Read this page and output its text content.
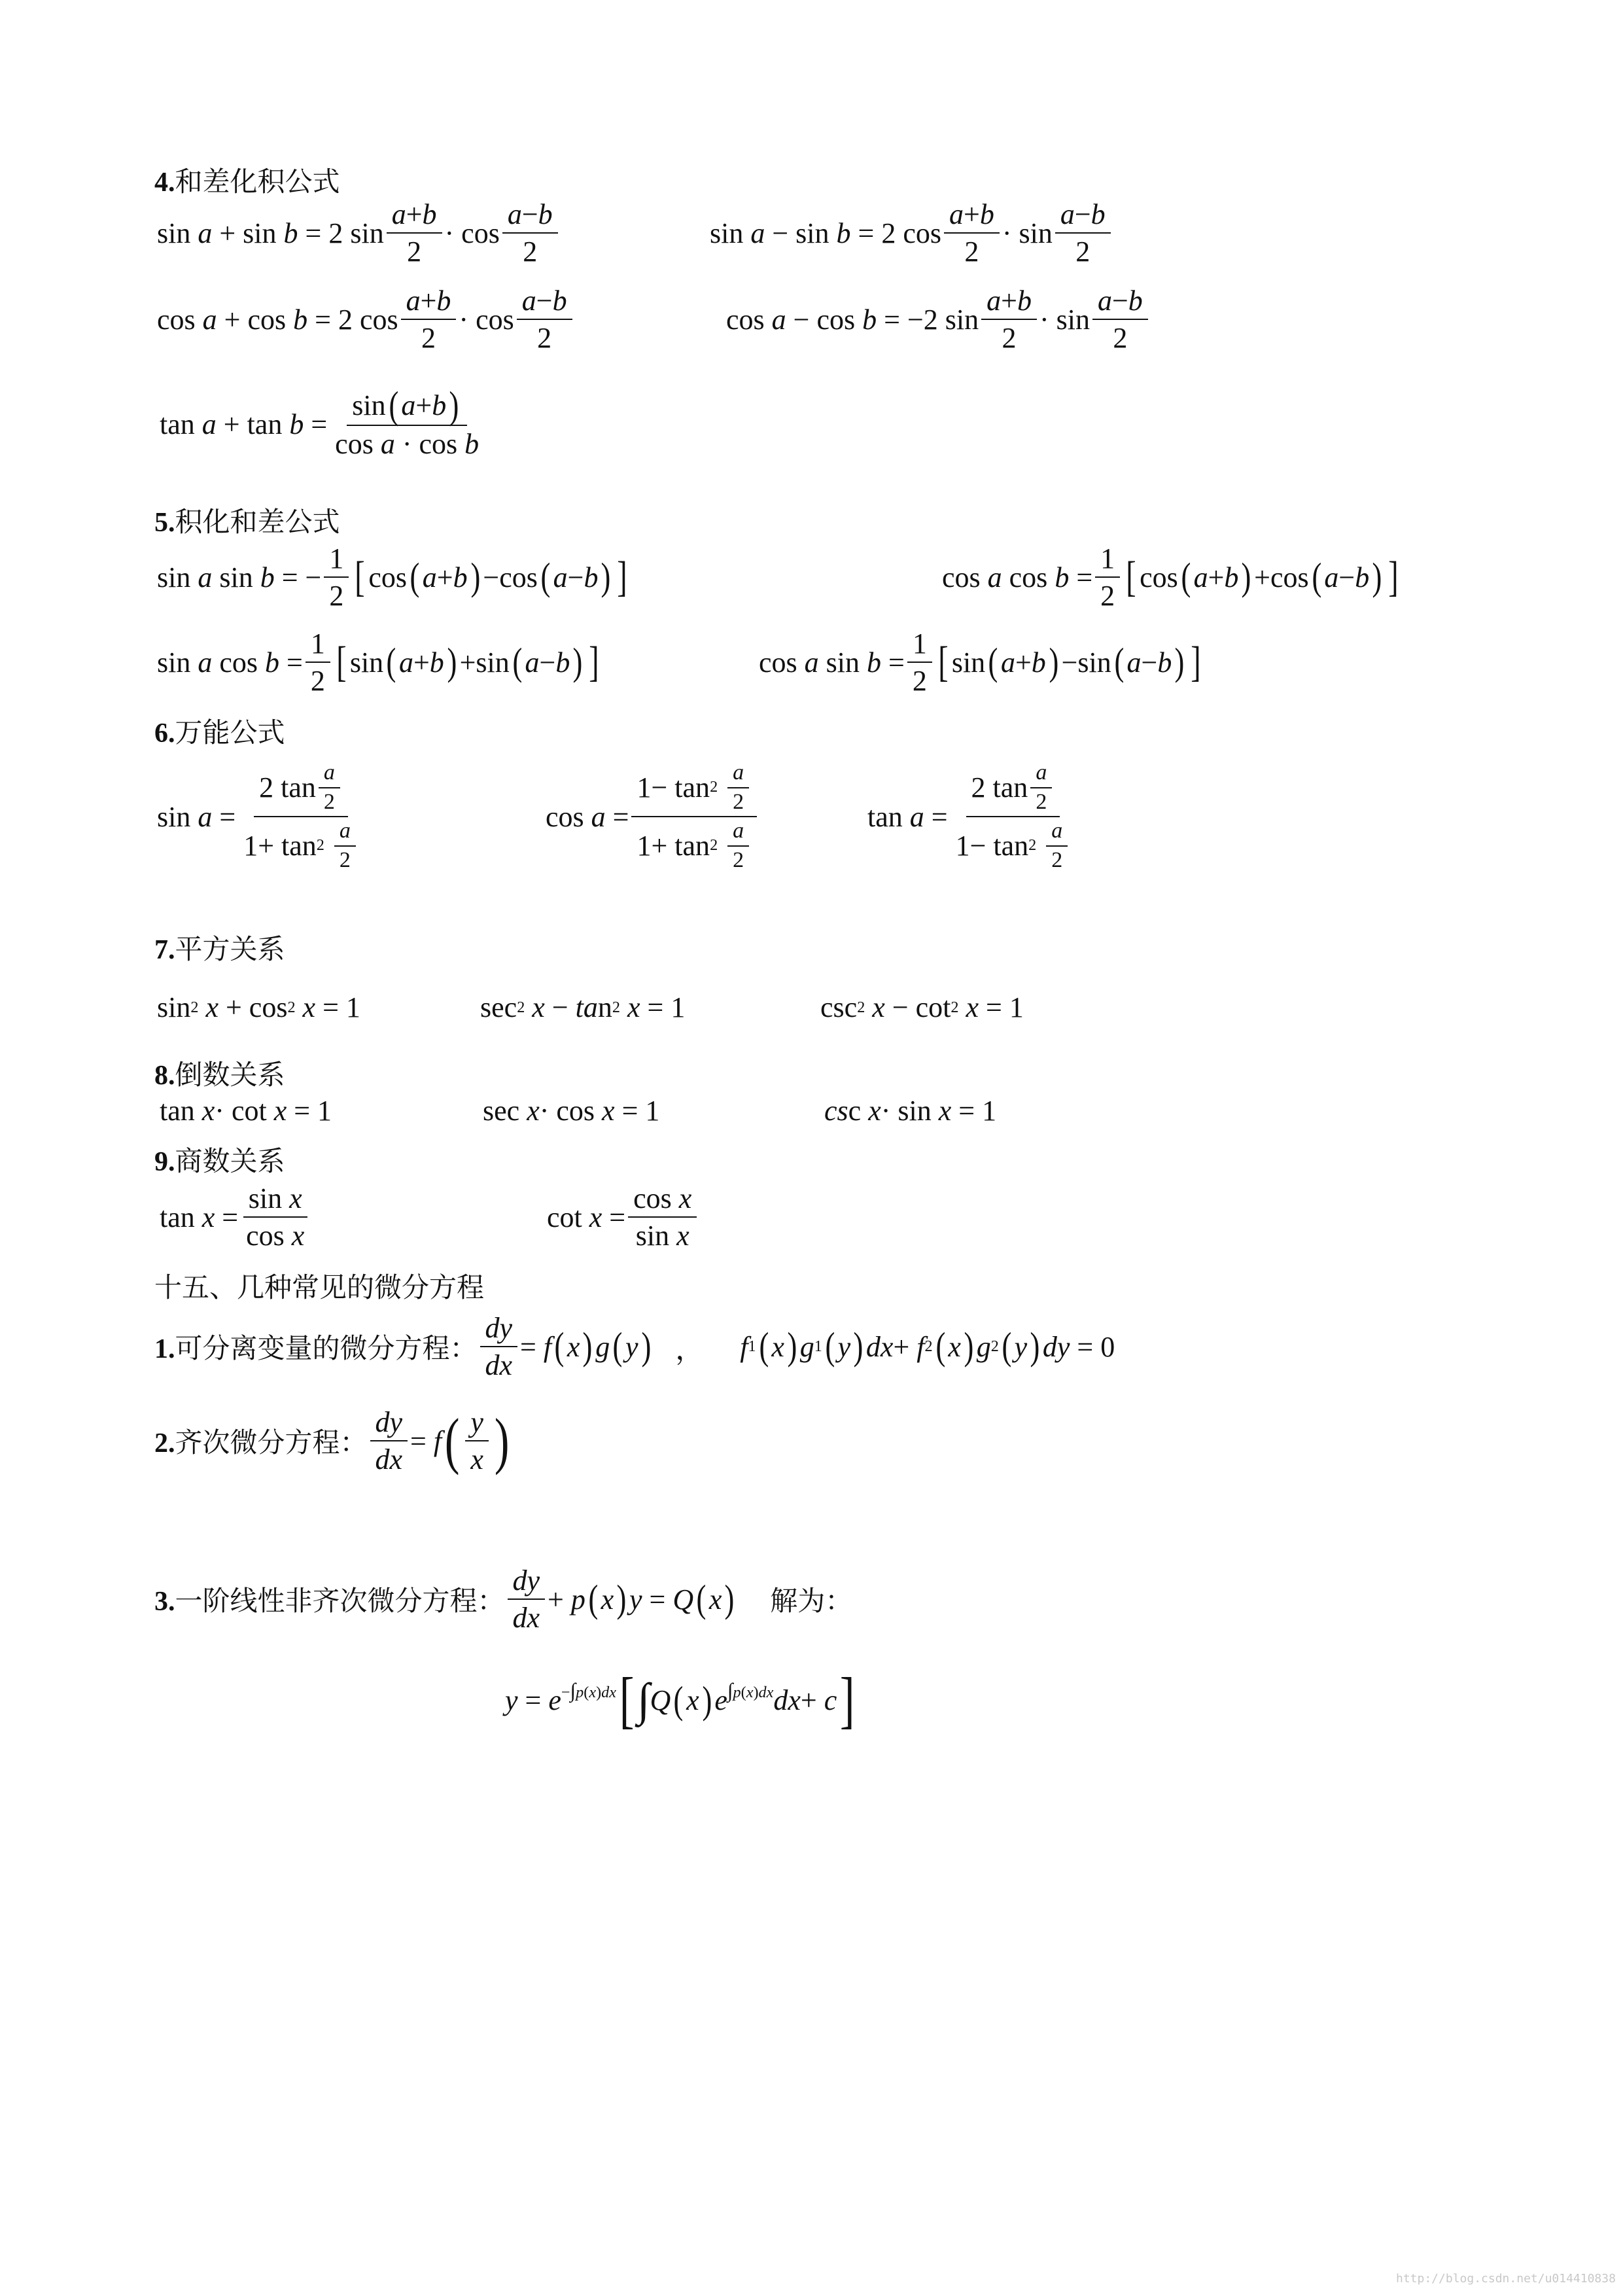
4.和差化积公式
sin a + sin b = 2 sin
a + b
2
· cos
a − b
2
sin a − sin b = 2 cos
a + b
2
· sin
a − b
2
cos a + cos b = 2 cos
a + b
2
· cos
a − b
2
cos a − cos b = −2 sin
a + b
2
· sin
a − b
2
tan a + tan b =
sin ( a + b )
cos a · cos b
5.积化和差公式
sin a sin b = −
1
2 [ cos ( a + b ) −cos ( a − b ) ]	cos a cos b =
1
2 [ cos ( a + b ) +cos ( a − b ) ]
sin a cos b =
1
2 [ sin ( a + b ) +sin ( a − b ) ]	cos a sin b =
1
2 [ sin ( a + b ) −sin ( a − b ) ]
6.万能公式
sin a =
2 tan a
2
1+ tan 2

a
2
cos a =
1− tan 2

a
2
1+ tan 2

a
2
tan a =
2 tan a
2
1− tan 2

a
2
7.平方关系
sin 2
x + cos 2
x = 1	sec 2
x − ta n 2
x = 1	csc 2
x − cot 2
x = 1
8.倒数关系
tan x · cot x = 1	sec x · cos x = 1	cs c x · sin x = 1
9.商数关系
tan x =
sin x
cos x
cot x =
cos x
sin x
十五、几种常见的微分方程
1.可分离变量的微分方程：
dy
dx
= f ( x ) g ( y ) ， f 1 ( x ) g 1 ( y ) dx + f 2 ( x ) g 2 ( y ) dy = 0
2.齐次微分方程：
dy
dx
= f ( y
x )
3.一阶线性非齐次微分方程：
dy
dx
+ p ( x ) y = Q ( x ) 解为：
$y = e^{-\int p(x)dx}$ [ ∫ Q ( x ) e $^{\int p(x)dx}$ dx + c ]
http://blog.csdn.net/u014410838
